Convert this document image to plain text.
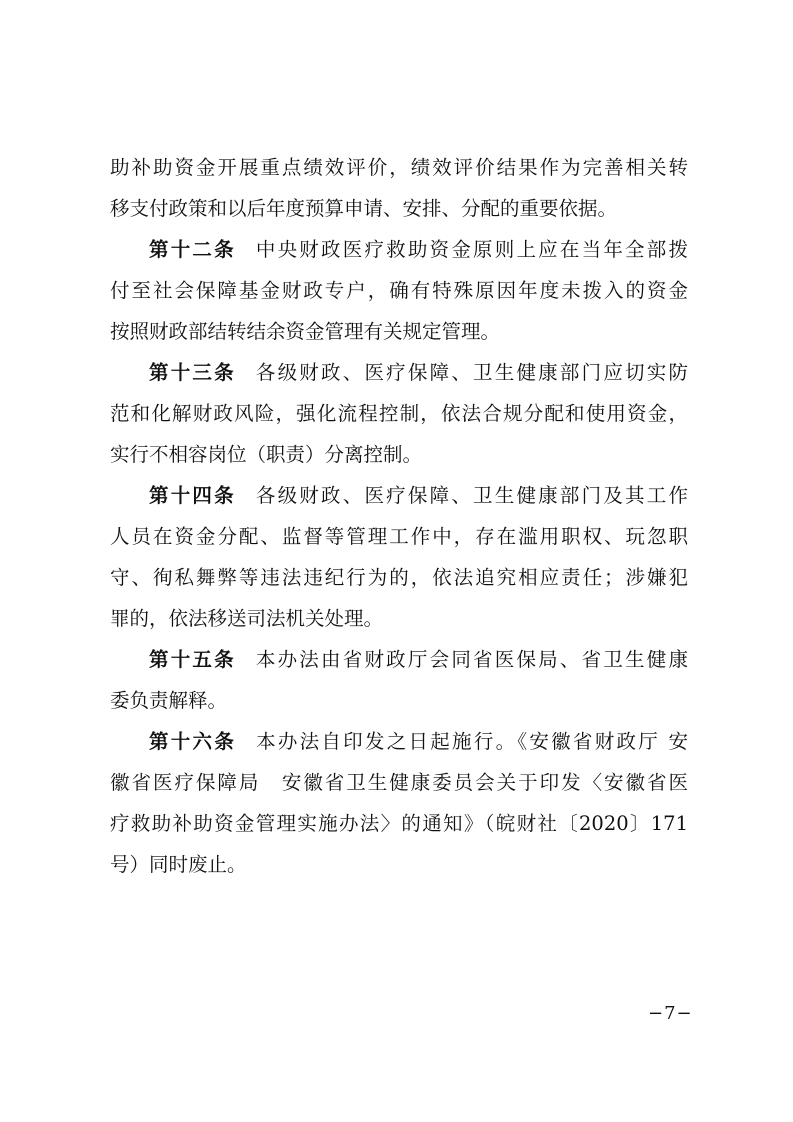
助补助资金开展重点绩效评价，绩效评价结果作为完善相关转
移支付政策和以后年度预算申请、安排、分配的重要依据。
第十二条 中央财政医疗救助资金原则上应在当年全部拨
付至社会保障基金财政专户，确有特殊原因年度未拨入的资金
按照财政部结转结余资金管理有关规定管理。
第十三条 各级财政、医疗保障、卫生健康部门应切实防
范和化解财政风险，强化流程控制，依法合规分配和使用资金，
实行不相容岗位（职责）分离控制。
第十四条 各级财政、医疗保障、卫生健康部门及其工作
人员在资金分配、监督等管理工作中，存在滥用职权、玩忽职
守、徇私舞弊等违法违纪行为的，依法追究相应责任；涉嫌犯
罪的，依法移送司法机关处理。
第十五条 本办法由省财政厅会同省医保局、省卫生健康
委负责解释。
第十六条 本办法自印发之日起施行。《安徽省财政厅 安
徽省医疗保障局　安徽省卫生健康委员会关于印发〈安徽省医
疗救助补助资金管理实施办法〉的通知》（皖财社〔2020〕171
号）同时废止。
−7−
